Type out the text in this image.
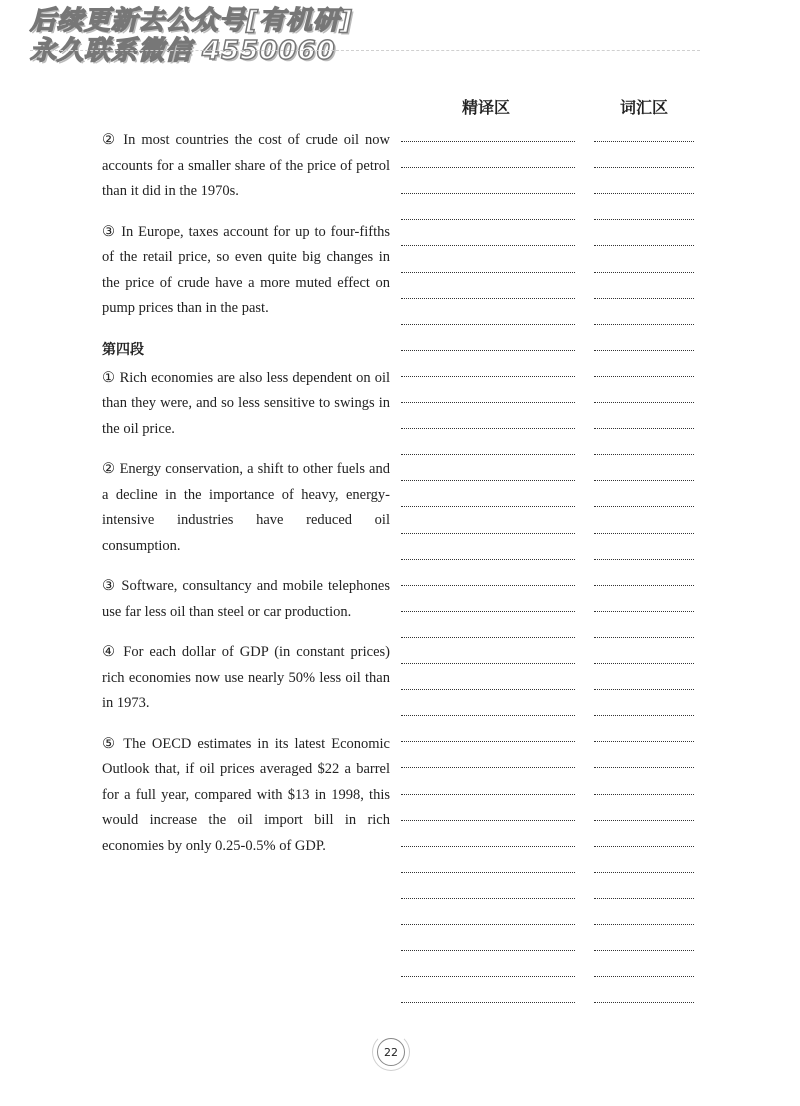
后续更新去公众号[有机研]
永久联系微信 4550060
精译区	词汇区

② In most countries the cost of crude oil now accounts for a smaller share of the price of petrol than it did in the 1970s.

③ In Europe, taxes account for up to four-fifths of the retail price, so even quite big changes in the price of crude have a more muted effect on pump prices than in the past.

第四段

① Rich economies are also less dependent on oil than they were, and so less sensitive to swings in the oil price.

② Energy conservation, a shift to other fuels and a decline in the importance of heavy, energy-intensive industries have reduced oil consumption.

③ Software, consultancy and mobile telephones use far less oil than steel or car production.

④ For each dollar of GDP (in constant prices) rich economies now use nearly 50% less oil than in 1973.

⑤ The OECD estimates in its latest Economic Outlook that, if oil prices averaged $22 a barrel for a full year, compared with $13 in 1998, this would increase the oil import bill in rich economies by only 0.25-0.5% of GDP.

22
